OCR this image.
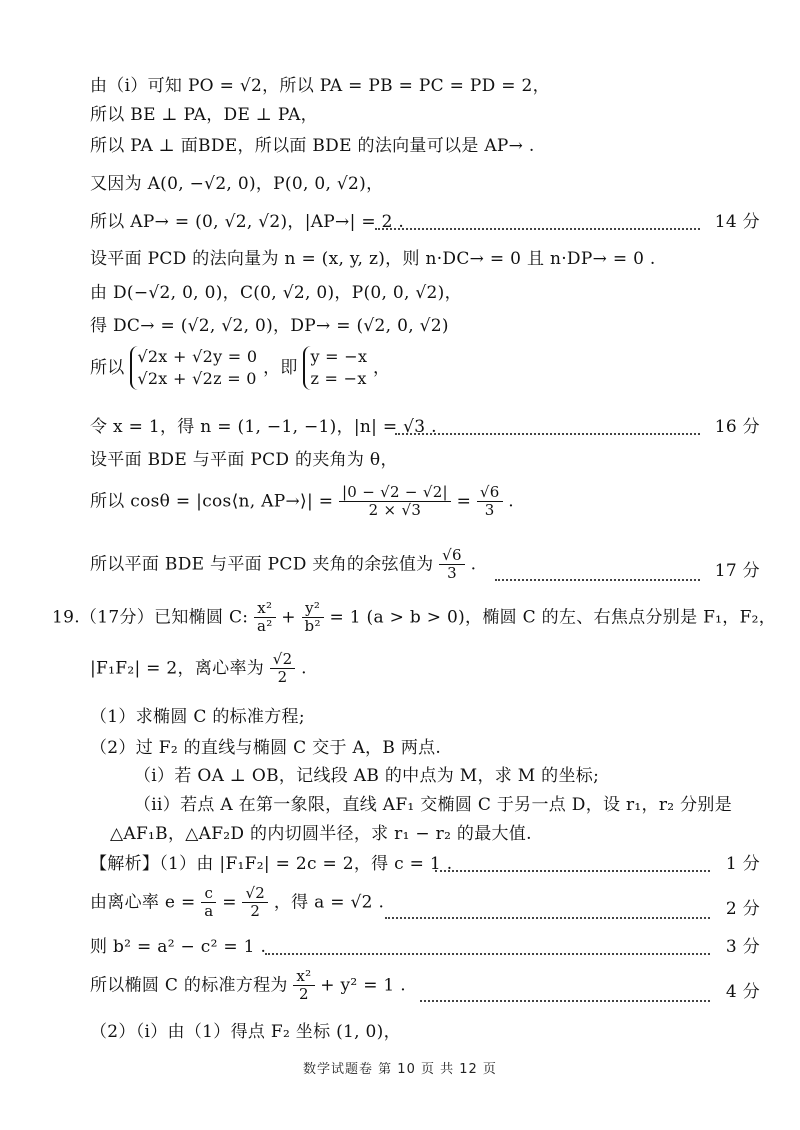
由（i）可知 PO = √2，所以 PA = PB = PC = PD = 2，
所以 BE ⊥ PA，DE ⊥ PA，
所以 PA ⊥ 面BDE，所以面 BDE 的法向量可以是 AP→ .
又因为 A(0, −√2, 0)，P(0, 0, √2)，
所以 AP→ = (0, √2, √2)，|AP→| = 2 .	14 分
设平面 PCD 的法向量为 n = (x, y, z)，则 n·DC→ = 0 且 n·DP→ = 0 .
由 D(−√2, 0, 0)，C(0, √2, 0)，P(0, 0, √2)，
得 DC→ = (√2, √2, 0)，DP→ = (√2, 0, √2)
所以
√2x + √2y = 0
√2x + √2z = 0
，即
y = −x
z = −x
，
令 x = 1，得 n = (1, −1, −1)，|n| = √3 .	16 分
设平面 BDE 与平面 PCD 的夹角为 θ，
所以 cosθ = |cos⟨n, AP→⟩| = $\frac{|0 - √2 - √2|}{2 \times √3} = \frac{√6}{3}$ .
所以平面 BDE 与平面 PCD 夹角的余弦值为 $\frac{√6}{3}$ .	17 分
19.（17分）已知椭圆 C: $\frac{\text{x²}}{\text{a²}} + \frac{\text{y²}}{\text{b²}} = 1$ (a > b > 0)，椭圆 C 的左、右焦点分别是 F₁，F₂，
|F₁F₂| = 2，离心率为 $\frac{√2}{2}$ .
（1）求椭圆 C 的标准方程;
（2）过 F₂ 的直线与椭圆 C 交于 A，B 两点.
（i）若 OA ⊥ OB，记线段 AB 的中点为 M，求 M 的坐标;
（ii）若点 A 在第一象限，直线 AF₁ 交椭圆 C 于另一点 D，设 r₁，r₂ 分别是
△AF₁B，△AF₂D 的内切圆半径，求 r₁ − r₂ 的最大值.
【解析】（1）由 |F₁F₂| = 2c = 2，得 c = 1 .	1 分
由离心率 $e = \frac{c}{a} = \frac{√2}{2}$ ，得 a = √2 .	2 分
则 b² = a² − c² = 1 .	3 分
所以椭圆 C 的标准方程为 $\frac{\text{x²}}{2} + y^2 = 1$ .	4 分
（2）（i）由（1）得点 F₂ 坐标 (1, 0)，
数学试题卷 第 10 页 共 12 页
